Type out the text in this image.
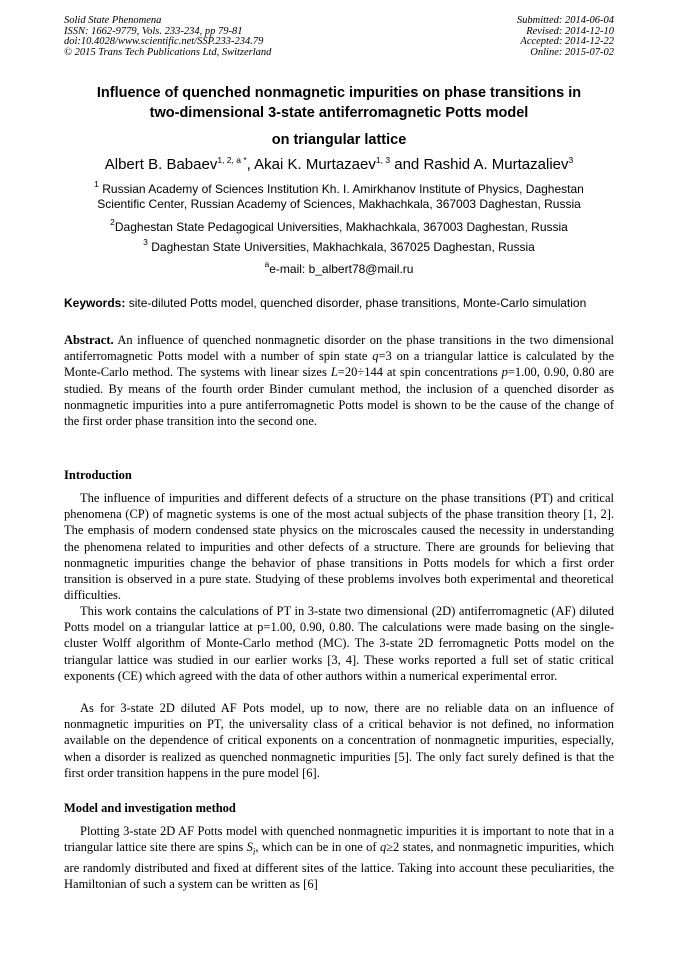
Solid State Phenomena
ISSN: 1662-9779, Vols. 233-234, pp 79-81
doi:10.4028/www.scientific.net/SSP.233-234.79
© 2015 Trans Tech Publications Ltd, Switzerland
Submitted: 2014-06-04
Revised: 2014-12-10
Accepted: 2014-12-22
Online: 2015-07-02
Influence of quenched nonmagnetic impurities on phase transitions in
two-dimensional 3-state antiferromagnetic Potts model
on triangular lattice
Albert B. Babaev$^{1, 2, a *}$, Akai K. Murtazaev$^{1, 3}$ and Rashid A. Murtazaliev$^3$
$^1$ Russian Academy of Sciences Institution Kh. I. Amirkhanov Institute of Physics, Daghestan
Scientific Center, Russian Academy of Sciences, Makhachkala, 367003 Daghestan, Russia
$^2$Daghestan State Pedagogical Universities, Makhachkala, 367003 Daghestan, Russia
$^3$ Daghestan State Universities, Makhachkala, 367025 Daghestan, Russia
$^a$e-mail: b_albert78@mail.ru
Keywords: site-diluted Potts model, quenched disorder, phase transitions, Monte-Carlo simulation
Abstract. An influence of quenched nonmagnetic disorder on the phase transitions in the two dimensional antiferromagnetic Potts model with a number of spin state q=3 on a triangular lattice is calculated by the Monte-Carlo method. The systems with linear sizes L=20÷144 at spin concentrations p=1.00, 0.90, 0.80 are studied. By means of the fourth order Binder cumulant method, the inclusion of a quenched disorder as nonmagnetic impurities into a pure antiferromagnetic Potts model is shown to be the cause of the change of the first order phase transition into the second one.
Introduction
The influence of impurities and different defects of a structure on the phase transitions (PT) and critical phenomena (CP) of magnetic systems is one of the most actual subjects of the phase transition theory [1, 2]. The emphasis of modern condensed state physics on the microscales caused the necessity in understanding the phenomena related to impurities and other defects of a structure. There are grounds for believing that nonmagnetic impurities change the behavior of phase transitions in Potts models for which a first order transition is observed in a pure state. Studying of these problems involves both experimental and theoretical difficulties.
This work contains the calculations of PT in 3-state two dimensional (2D) antiferromagnetic (AF) diluted Potts model on a triangular lattice at p=1.00, 0.90, 0.80. The calculations were made basing on the single-cluster Wolff algorithm of Monte-Carlo method (MC). The 3-state 2D ferromagnetic Potts model on the triangular lattice was studied in our earlier works [3, 4]. These works reported a full set of static critical exponents (CE) which agreed with the data of other authors within a numerical experimental error.
As for 3-state 2D diluted AF Pots model, up to now, there are no reliable data on an influence of nonmagnetic impurities on PT, the universality class of a critical behavior is not defined, no information available on the dependence of critical exponents on a concentration of nonmagnetic impurities, especially, when a disorder is realized as quenched nonmagnetic impurities [5]. The only fact surely defined is that the first order transition happens in the pure model [6].
Model and investigation method
Plotting 3-state 2D AF Potts model with quenched nonmagnetic impurities it is important to note that in a triangular lattice site there are spins $S_i$, which can be in one of q≥2 states, and nonmagnetic impurities, which are randomly distributed and fixed at different sites of the lattice. Taking into account these peculiarities, the Hamiltonian of such a system can be written as [6]
